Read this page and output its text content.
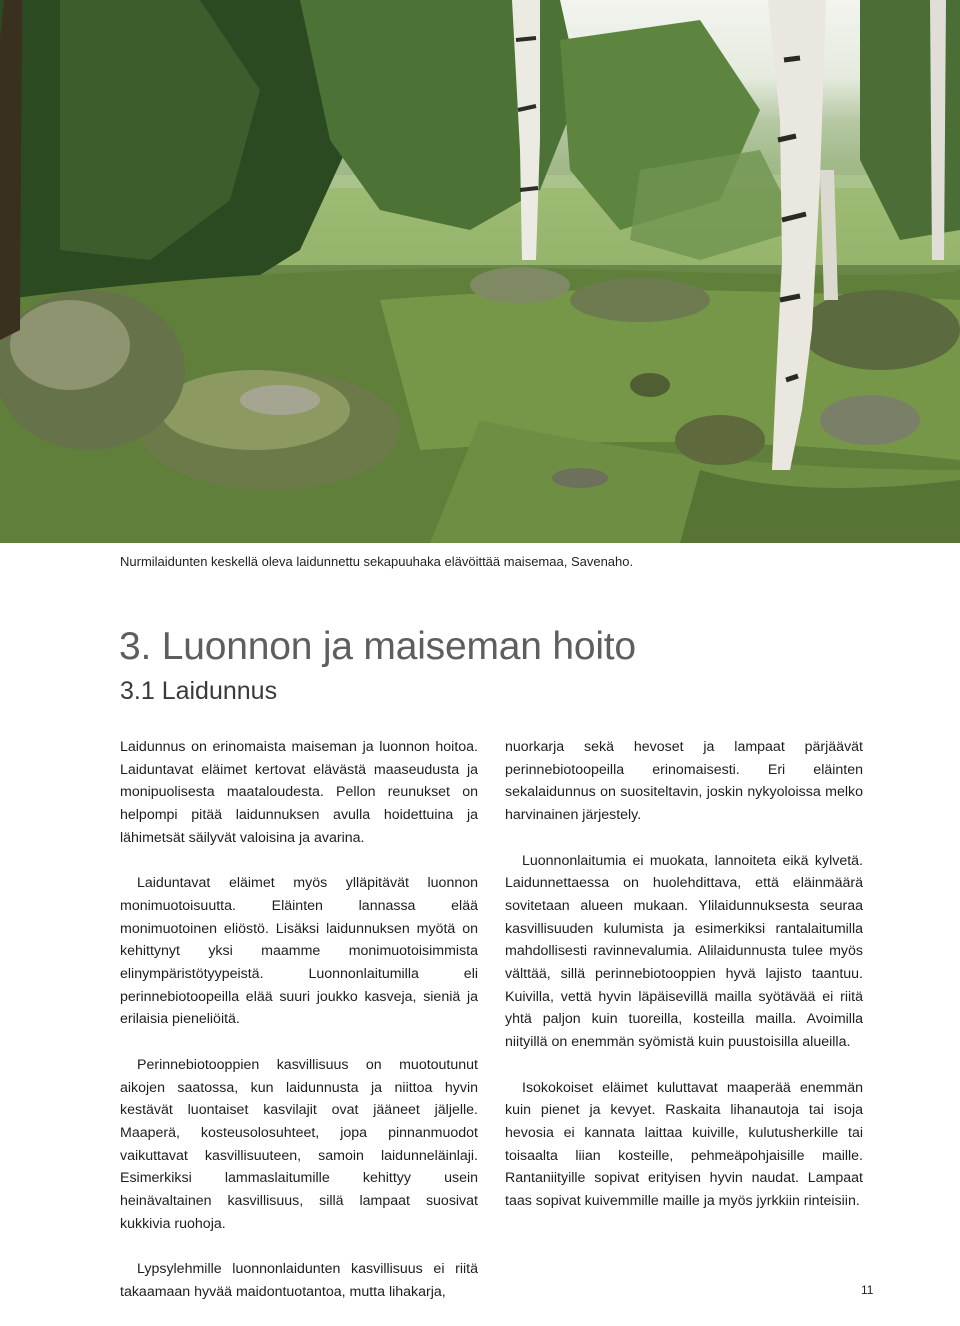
Nurmilaidunten keskellä oleva laidunnettu sekapuuhaka elävöittää maisemaa, Savenaho.
3. Luonnon ja maiseman hoito
3.1 Laidunnus

Laidunnus on erinomaista maiseman ja luonnon hoitoa. Laiduntavat eläimet kertovat elävästä maaseudusta ja monipuolisesta maataloudesta. Pellon reunukset on helpompi pitää laidunnuksen avulla hoidettuina ja lähimetsät säilyvät valoisina ja avarina.

Laiduntavat eläimet myös ylläpitävät luonnon monimuotoisuutta. Eläinten lannassa elää monimuotoinen eliöstö. Lisäksi laidunnuksen myötä on kehittynyt yksi maamme monimuotoisimmista elinympäristötyypeistä. Luonnonlaitumilla eli perinnebiotoopeilla elää suuri joukko kasveja, sieniä ja erilaisia pieneliöitä.

Perinnebiotooppien kasvillisuus on muotoutunut aikojen saatossa, kun laidunnusta ja niittoa hyvin kestävät luontaiset kasvilajit ovat jääneet jäljelle. Maaperä, kosteusolosuhteet, jopa pinnanmuodot vaikuttavat kasvillisuuteen, samoin laidunneläinlaji. Esimerkiksi lammaslaitumille kehittyy usein heinävaltainen kasvillisuus, sillä lampaat suosivat kukkivia ruohoja.

Lypsylehmille luonnonlaidunten kasvillisuus ei riitä takaamaan hyvää maidontuotantoa, mutta lihakarja,

nuorkarja sekä hevoset ja lampaat pärjäävät perinnebiotoopeilla erinomaisesti. Eri eläinten sekalaidunnus on suositeltavin, joskin nykyoloissa melko harvinainen järjestely.

Luonnonlaitumia ei muokata, lannoiteta eikä kylvetä. Laidunnettaessa on huolehdittava, että eläinmäärä sovitetaan alueen mukaan. Ylilaidunnuksesta seuraa kasvillisuuden kulumista ja esimerkiksi rantalaitumilla mahdollisesti ravinnevalumia. Alilaidunnusta tulee myös välttää, sillä perinnebiotooppien hyvä lajisto taantuu. Kuivilla, vettä hyvin läpäisevillä mailla syötävää ei riitä yhtä paljon kuin tuoreilla, kosteilla mailla. Avoimilla niityillä on enemmän syömistä kuin puustoisilla alueilla.

Isokokoiset eläimet kuluttavat maaperää enemmän kuin pienet ja kevyet. Raskaita lihanautoja tai isoja hevosia ei kannata laittaa kuiville, kulutusherkille tai toisaalta liian kosteille, pehmeäpohjaisille maille. Rantaniityille sopivat erityisen hyvin naudat. Lampaat taas sopivat kuivemmille maille ja myös jyrkkiin rinteisiin.

11
